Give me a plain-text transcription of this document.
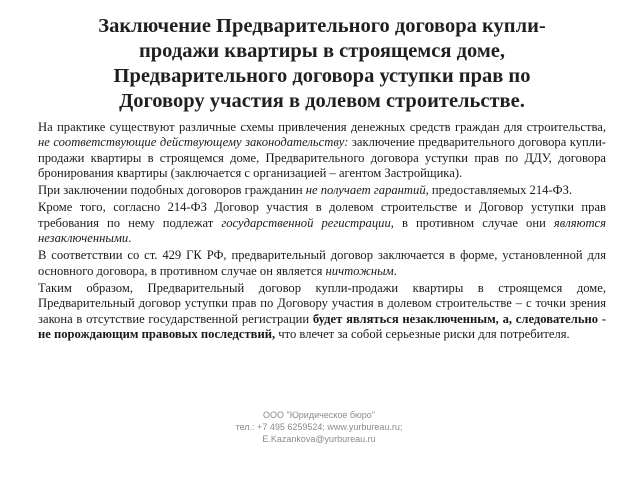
Заключение Предварительного договора купли-
продажи квартиры в строящемся доме,
Предварительного договора уступки прав по
Договору участия в долевом строительстве.

На практике существуют различные схемы привлечения денежных средств граждан для строительства, не соответствующие действующему законодательству: заключение предварительного договора купли-продажи квартиры в строящемся доме, Предварительного договора уступки прав по ДДУ, договора бронирования квартиры (заключается с организацией – агентом Застройщика).

При заключении подобных договоров гражданин не получает гарантий, предоставляемых 214-ФЗ.

Кроме того, согласно 214-ФЗ Договор участия в долевом строительстве и Договор уступки прав требования по нему подлежат государственной регистрации, в противном случае они являются незаключенными.

В соответствии со ст. 429 ГК РФ, предварительный договор заключается в форме, установленной для основного договора, в противном случае он является ничтожным.

Таким образом, Предварительный договор купли-продажи квартиры в строящемся доме, Предварительный договор уступки прав по Договору участия в долевом строительстве – с точки зрения закона в отсутствие государственной регистрации будет являться незаключенным, а, следовательно - не порождающим правовых последствий, что влечет за собой серьезные риски для потребителя.

ООО "Юридическое бюро"
тел.: +7 495 6259524; www.yurbureau.ru;
E.Kazankova@yurbureau.ru
